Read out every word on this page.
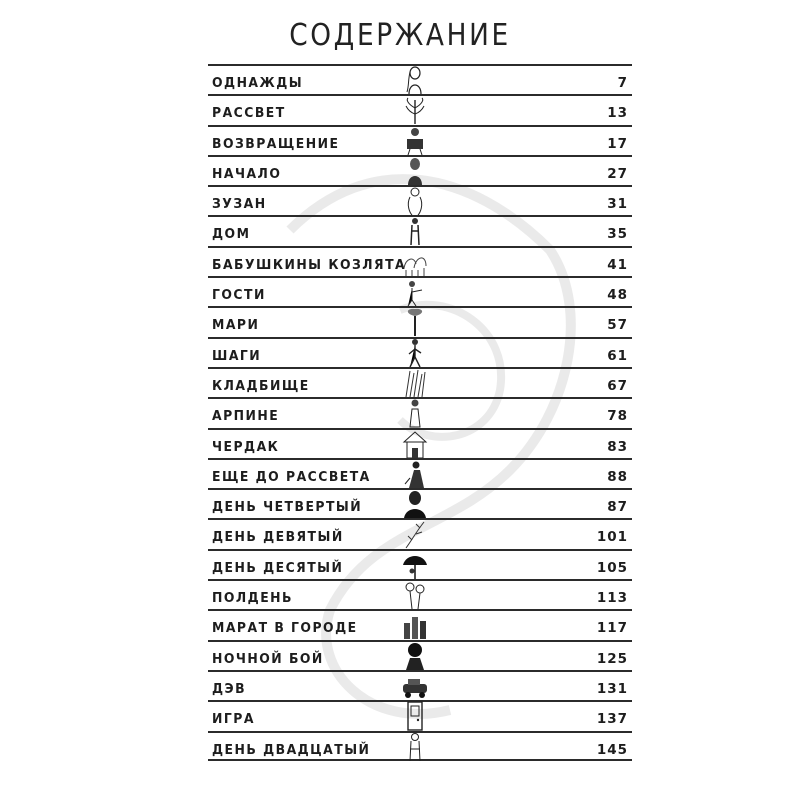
СОДЕРЖАНИЕ
ОДНАЖДЫ	7
РАССВЕТ	13
ВОЗВРАЩЕНИЕ	17
НАЧАЛО	27
ЗУЗАН	31
ДОМ	35
БАБУШКИНЫ КОЗЛЯТА	41
ГОСТИ	48
МАРИ	57
ШАГИ	61
КЛАДБИЩЕ	67
АРПИНЕ	78
ЧЕРДАК	83
ЕЩЕ ДО РАССВЕТА	88
ДЕНЬ ЧЕТВЕРТЫЙ	87
ДЕНЬ ДЕВЯТЫЙ	101
ДЕНЬ ДЕСЯТЫЙ	105
ПОЛДЕНЬ	113
МАРАТ В ГОРОДЕ	117
НОЧНОЙ БОЙ	125
ДЭВ	131
ИГРА	137
ДЕНЬ ДВАДЦАТЫЙ	145
